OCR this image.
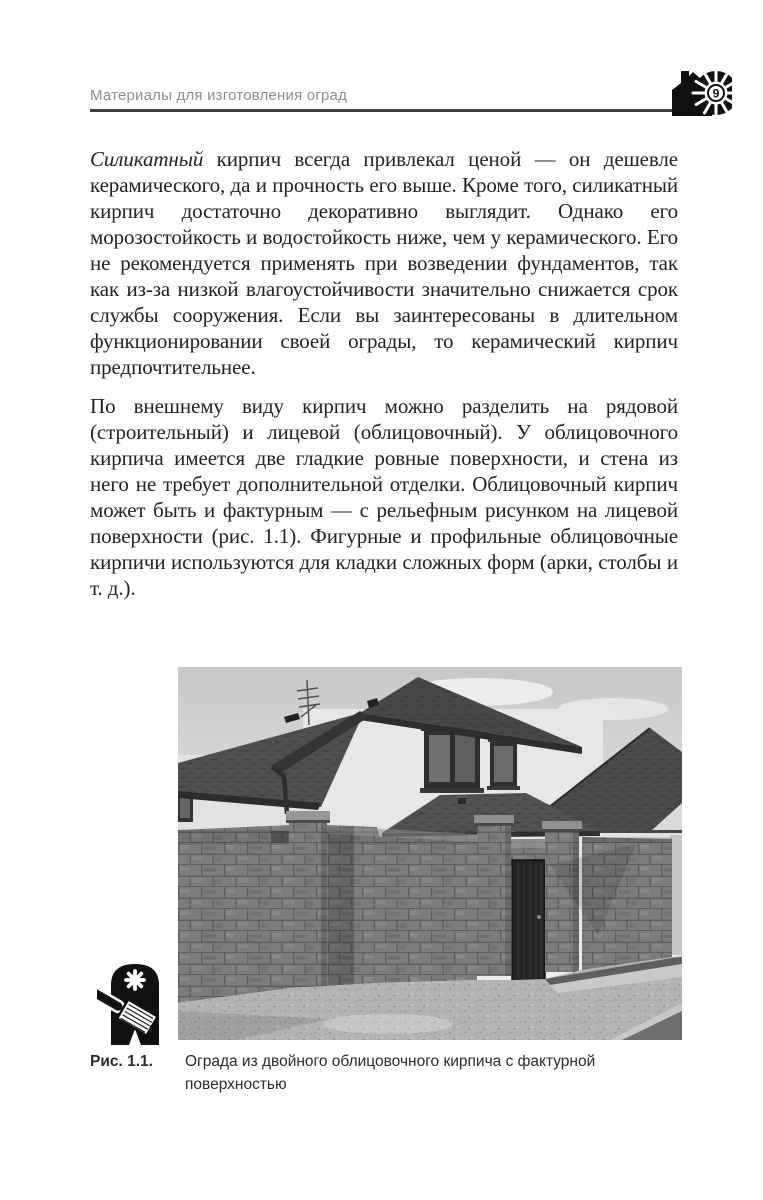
Материалы для изготовления оград	9

Силикатный кирпич всегда привлекал ценой — он дешевле керамического, да и прочность его выше. Кроме того, силикатный кирпич достаточно декоративно выглядит. Однако его морозостойкость и водостойкость ниже, чем у керамического. Его не рекомендуется применять при возведении фундаментов, так как из-за низкой влагоустойчивости значительно снижается срок службы сооружения. Если вы заинтересованы в длительном функционировании своей ограды, то керамический кирпич предпочтительнее.

По внешнему виду кирпич можно разделить на рядовой (строительный) и лицевой (облицовочный). У облицовочного кирпича имеется две гладкие ровные поверхности, и стена из него не требует дополнительной отделки. Облицовочный кирпич может быть и фактурным — с рельефным рисунком на лицевой поверхности (рис. 1.1). Фигурные и профильные облицовочные кирпичи используются для кладки сложных форм (арки, столбы и т. д.).

Рис. 1.1.	Ограда из двойного облицовочного кирпича с фактурной поверхностью
